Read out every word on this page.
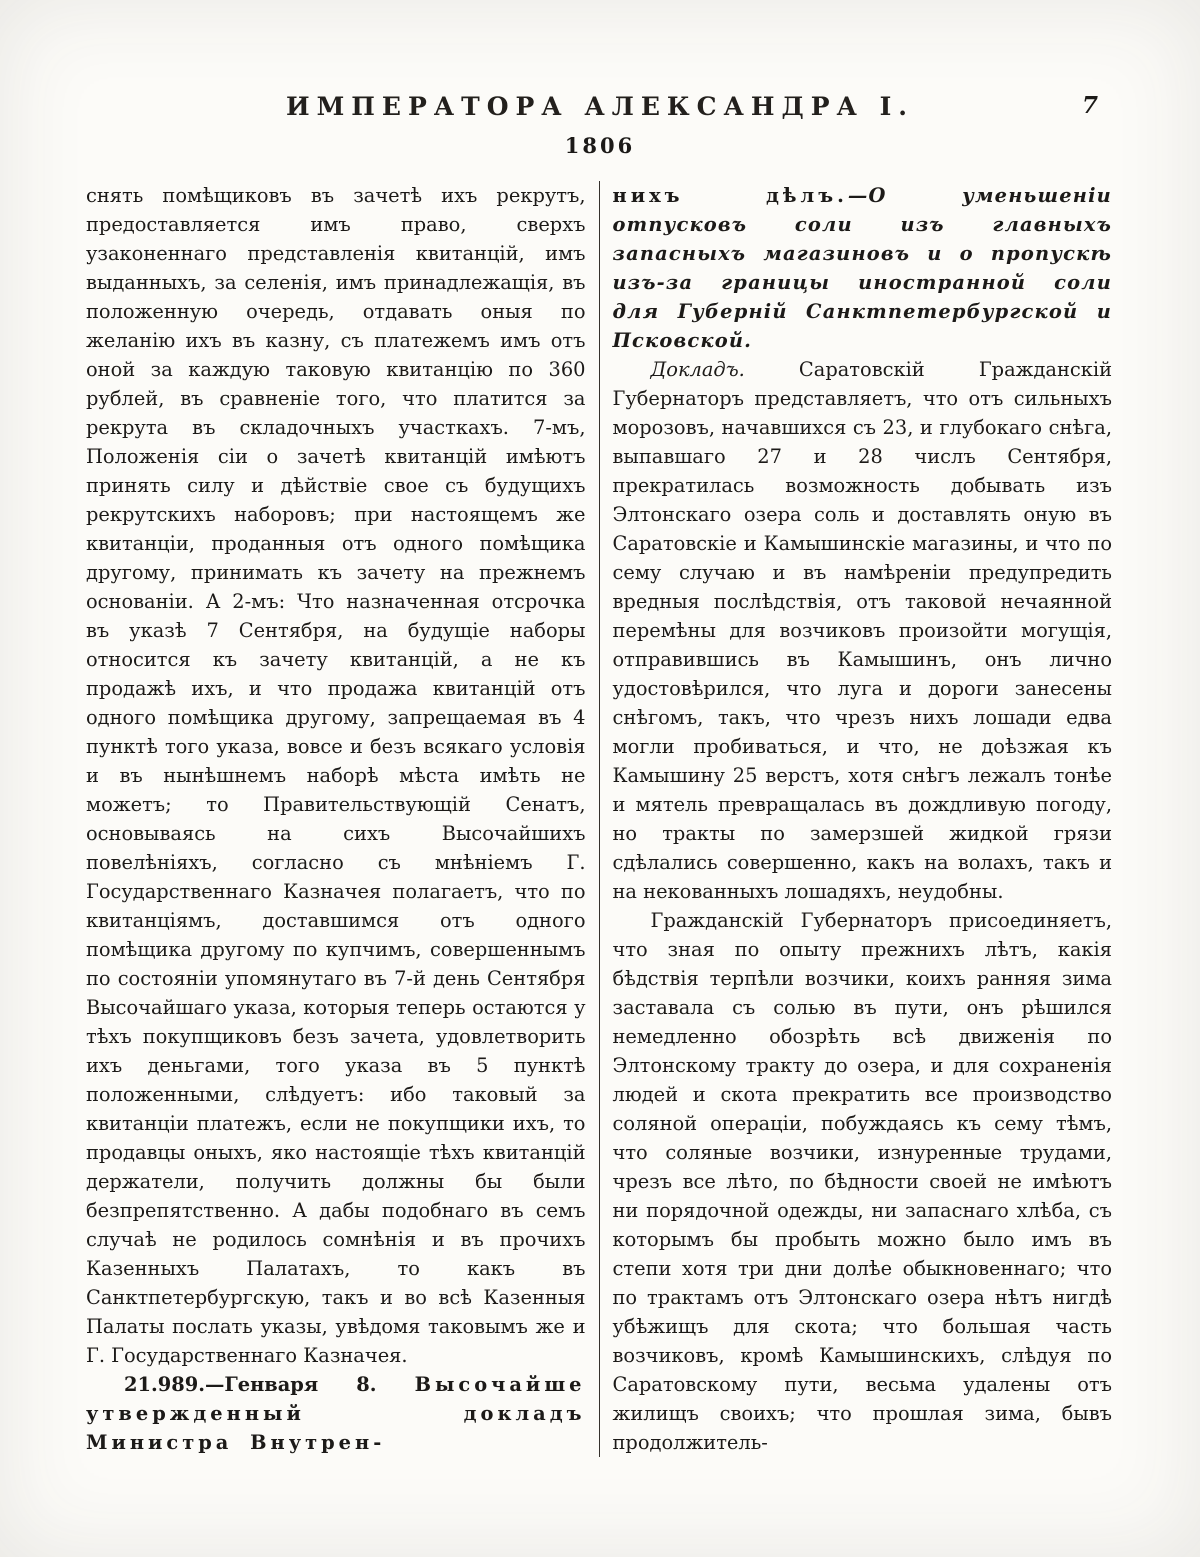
ИМПЕРАТОРА АЛЕКСАНДРА I.	7
1806

снять помѣщиковъ въ зачетѣ ихъ рекрутъ, предоставляется имъ право, сверхъ узаконеннаго представленія квитанцій, имъ выданныхъ, за селенія, имъ принадлежащія, въ положенную очередь, отдавать оныя по желанію ихъ въ казну, съ платежемъ имъ отъ оной за каждую таковую квитанцію по 360 рублей, въ сравненіе того, что платится за рекрута въ складочныхъ участкахъ. 7-мъ, Положенія сіи о зачетѣ квитанцій имѣютъ принять силу и дѣйствіе свое съ будущихъ рекрутскихъ наборовъ; при настоящемъ же квитанціи, проданныя отъ одного помѣщика другому, принимать къ зачету на прежнемъ основаніи. А 2-мъ: Что назначенная отсрочка въ указѣ 7 Сентября, на будущіе наборы относится къ зачету квитанцій, а не къ продажѣ ихъ, и что продажа квитанцій отъ одного помѣщика другому, запрещаемая въ 4 пунктѣ того указа, вовсе и безъ всякаго условія и въ нынѣшнемъ наборѣ мѣста имѣть не можетъ; то Правительствующій Сенатъ, основываясь на сихъ Высочайшихъ повелѣніяхъ, согласно съ мнѣніемъ Г. Государственнаго Казначея полагаетъ, что по квитанціямъ, доставшимся отъ одного помѣщика другому по купчимъ, совершеннымъ по состояніи упомянутаго въ 7-й день Сентября Высочайшаго указа, которыя теперь остаются у тѣхъ покупщиковъ безъ зачета, удовлетворить ихъ деньгами, того указа въ 5 пунктѣ положенными, слѣдуетъ: ибо таковый за квитанціи платежъ, если не покупщики ихъ, то продавцы оныхъ, яко настоящіе тѣхъ квитанцій держатели, получить должны бы были безпрепятственно. А дабы подобнаго въ семъ случаѣ не родилось сомнѣнія и въ прочихъ Казенныхъ Палатахъ, то какъ въ Санктпетербургскую, такъ и во всѣ Казенныя Палаты послать указы, увѣдомя таковымъ же и Г. Государственнаго Казначея.

21.989.—Генваря 8. Высочайше утвержденный докладъ Министра Внутрен-

нихъ дѣлъ.—О уменьшеніи отпусковъ соли изъ главныхъ запасныхъ магазиновъ и о пропускѣ изъ-за границы иностранной соли для Губерній Санктпетербургской и Псковской.

Докладъ. Саратовскій Гражданскій Губернаторъ представляетъ, что отъ сильныхъ морозовъ, начавшихся съ 23, и глубокаго снѣга, выпавшаго 27 и 28 числъ Сентября, прекратилась возможность добывать изъ Элтонскаго озера соль и доставлять оную въ Саратовскіе и Камышинскіе магазины, и что по сему случаю и въ намѣреніи предупредить вредныя послѣдствія, отъ таковой нечаянной перемѣны для возчиковъ произойти могущія, отправившись въ Камышинъ, онъ лично удостовѣрился, что луга и дороги занесены снѣгомъ, такъ, что чрезъ нихъ лошади едва могли пробиваться, и что, не доѣзжая къ Камышину 25 верстъ, хотя снѣгъ лежалъ тонѣе и мятель превращалась въ дождливую погоду, но тракты по замерзшей жидкой грязи сдѣлались совершенно, какъ на волахъ, такъ и на некованныхъ лошадяхъ, неудобны.

Гражданскій Губернаторъ присоединяетъ, что зная по опыту прежнихъ лѣтъ, какія бѣдствія терпѣли возчики, коихъ ранняя зима заставала съ солью въ пути, онъ рѣшился немедленно обозрѣть всѣ движенія по Элтонскому тракту до озера, и для сохраненія людей и скота прекратить все производство соляной операціи, побуждаясь къ сему тѣмъ, что соляные возчики, изнуренные трудами, чрезъ все лѣто, по бѣдности своей не имѣютъ ни порядочной одежды, ни запаснаго хлѣба, съ которымъ бы пробыть можно было имъ въ степи хотя три дни долѣе обыкновеннаго; что по трактамъ отъ Элтонскаго озера нѣтъ нигдѣ убѣжищъ для скота; что большая часть возчиковъ, кромѣ Камышинскихъ, слѣдуя по Саратовскому пути, весьма удалены отъ жилищъ своихъ; что прошлая зима, бывъ продолжитель-
